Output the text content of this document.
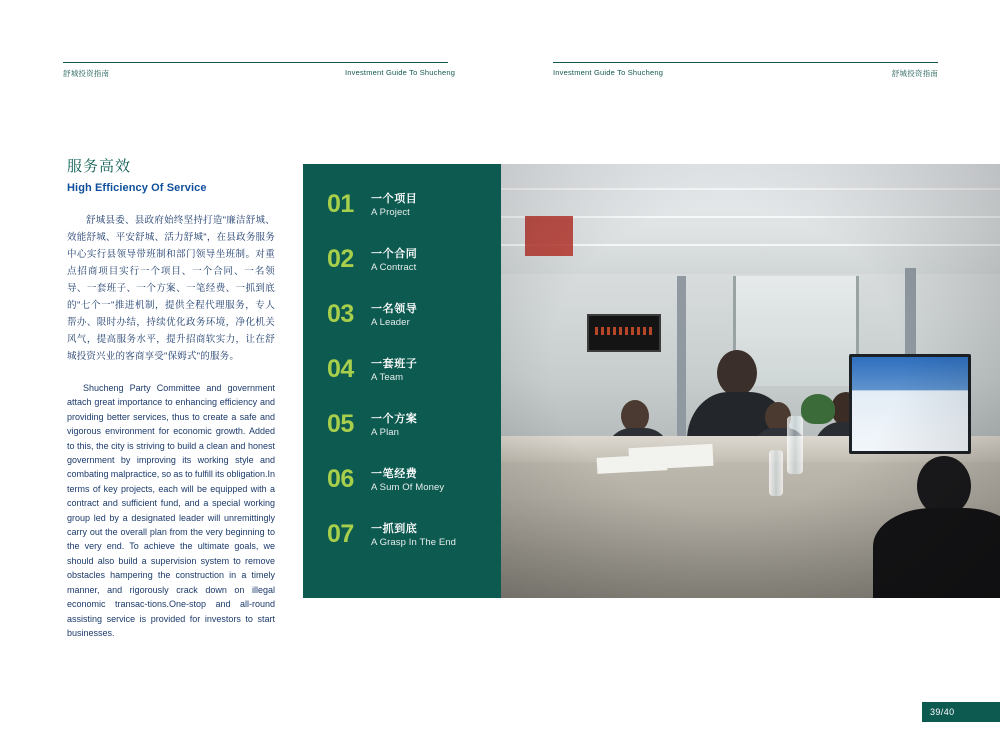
舒城投资指南	Investment Guide To Shucheng	Investment Guide To Shucheng	舒城投资指南
服务高效
High Efficiency Of Service

舒城县委、县政府始终坚持打造"廉洁舒城、效能舒城、平安舒城、活力舒城"，在县政务服务中心实行县领导带班制和部门领导坐班制。对重点招商项目实行一个项目、一个合同、一名领导、一套班子、一个方案、一笔经费、一抓到底的"七个一"推进机制，提供全程代理服务，专人帮办、限时办结，持续优化政务环境，净化机关风气，提高服务水平，提升招商软实力，让在舒城投资兴业的客商享受"保姆式"的服务。

Shucheng Party Committee and government attach great importance to enhancing efficiency and providing better services, thus to create a safe and vigorous environment for economic growth. Added to this, the city is striving to build a clean and honest government by improving its working style and combating malpractice, so as to fulfill its obligation.In terms of key projects, each will be equipped with a contract and sufficient fund, and a special working group led by a designated leader will unremittingly carry out the overall plan from the very beginning to the very end. To achieve the ultimate goals, we should also build a supervision system to remove obstacles hampering the construction in a timely manner, and rigorously crack down on illegal economic transac-tions.One-stop and all-round assisting service is provided for investors to start businesses.

01	一个项目
A Project
02	一个合同
A Contract
03	一名领导
A Leader
04	一套班子
A Team
05	一个方案
A Plan
06	一笔经费
A Sum Of Money
07	一抓到底
A Grasp In The End
39/40
